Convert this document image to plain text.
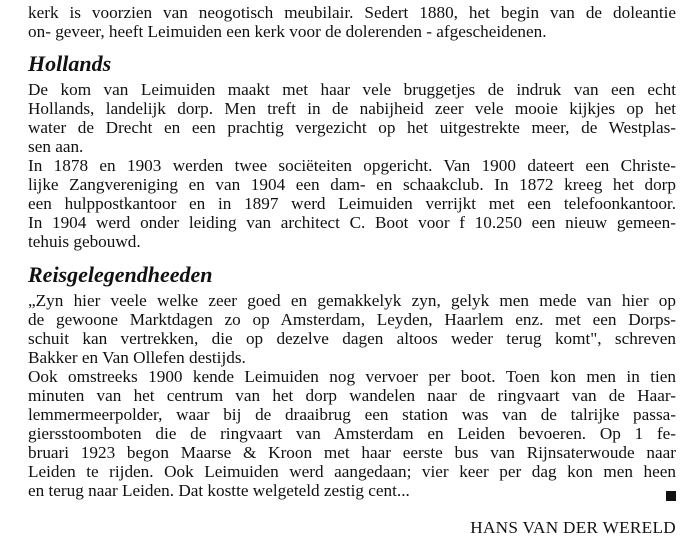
kerk is voorzien van neogotisch meubilair. Sedert 1880, het begin van de doleantie
on- geveer, heeft Leimuiden een kerk voor de dolerenden - afgescheidenen.
Hollands
De kom van Leimuiden maakt met haar vele bruggetjes de indruk van een echt
Hollands, landelijk dorp. Men treft in de nabijheid zeer vele mooie kijkjes op het
water de Drecht en een prachtig vergezicht op het uitgestrekte meer, de Westplas-
sen aan.
In 1878 en 1903 werden twee sociëteiten opgericht. Van 1900 dateert een Christe-
lijke Zangvereniging en van 1904 een dam- en schaakclub. In 1872 kreeg het dorp
een hulppostkantoor en in 1897 werd Leimuiden verrijkt met een telefoonkantoor.
In 1904 werd onder leiding van architect C. Boot voor f 10.250 een nieuw gemeen-
tehuis gebouwd.
Reisgelegendheeden
„Zyn hier veele welke zeer goed en gemakkelyk zyn, gelyk men mede van hier op
de gewoone Marktdagen zo op Amsterdam, Leyden, Haarlem enz. met een Dorps-
schuit kan vertrekken, die op dezelve dagen altoos weder terug komt", schreven
Bakker en Van Ollefen destijds.
Ook omstreeks 1900 kende Leimuiden nog vervoer per boot. Toen kon men in tien
minuten van het centrum van het dorp wandelen naar de ringvaart van de Haar-
lemmermeerpolder, waar bij de draaibrug een station was van de talrijke passa-
giersstoomboten die de ringvaart van Amsterdam en Leiden bevoeren. Op 1 fe-
bruari 1923 begon Maarse & Kroon met haar eerste bus van Rijnsaterwoude naar
Leiden te rijden. Ook Leimuiden werd aangedaan; vier keer per dag kon men heen
en terug naar Leiden. Dat kostte welgeteld zestig cent...
HANS VAN DER WERELD
